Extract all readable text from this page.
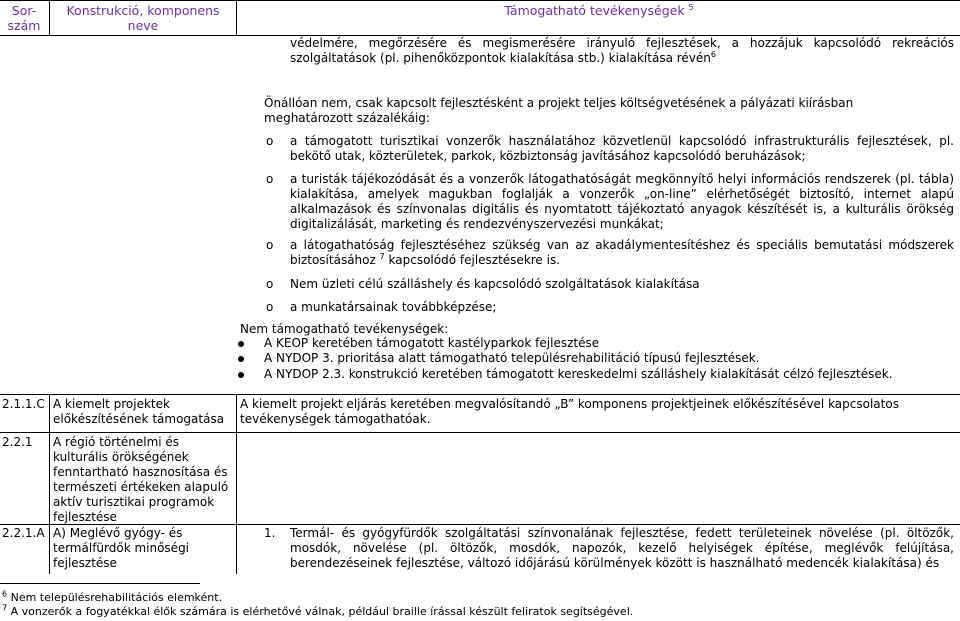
Sor-
szám
Konstrukció, komponens
neve
Támogatható tevékenységek $^5$
védelmére, megőrzésére és megismerésére irányuló fejlesztések, a hozzájuk kapcsolódó rekreációs
szolgáltatások (pl. pihenőközpontok kialakítása stb.) kialakítása révén$^6$
Önállóan nem, csak kapcsolt fejlesztésként a projekt teljes költségvetésének a pályázati kiírásban meghatározott százalékáig:
o a támogatott turisztikai vonzerők használatához közvetlenül kapcsolódó infrastrukturális fejlesztések, pl. bekötő utak, közterületek, parkok, közbiztonság javításához kapcsolódó beruházások;
o a turisták tájékozódását és a vonzerők látogathatóságát megkönnyítő helyi információs rendszerek (pl. tábla) kialakítása, amelyek magukban foglalják a vonzerők „on-line” elérhetőségét biztosító, internet alapú alkalmazások és színvonalas digitális és nyomtatott tájékoztató anyagok készítését is, a kulturális örökség digitalizálását, marketing és rendezvényszervezési munkákat;
o a látogathatóság fejlesztéséhez szükség van az akadálymentesítéshez és speciális bemutatási módszerek biztosításához $^7$ kapcsolódó fejlesztésekre is.
o Nem üzleti célú szálláshely és kapcsolódó szolgáltatások kialakítása
o a munkatársainak továbbképzése;
Nem támogatható tevékenységek:
A KEOP keretében támogatott kastélyparkok fejlesztése
A NYDOP 3. prioritása alatt támogatható településrehabilitáció típusú fejlesztések.
A NYDOP 2.3. konstrukció keretében támogatott kereskedelmi szálláshely kialakítását célzó fejlesztések.
2.1.1.C A kiemelt projektek előkészítésének támogatása
A kiemelt projekt eljárás keretében megvalósítandó „B” komponens projektjeinek előkészítésével kapcsolatos tevékenységek támogathatóak.
2.2.1	A régió történelmi és kulturális örökségének fenntartható hasznosítása és természeti értékeken alapuló aktív turisztikai programok fejlesztése
2.2.1.A A) Meglévő gyógy- és termálfürdők minőségi fejlesztése
1. Termál- és gyógyfürdők szolgáltatási színvonalának fejlesztése, fedett területeinek növelése (pl. öltözők, mosdók, növelése (pl. öltözők, mosdók, napozók, kezelő helyiségek építése, meglévők felújítása, berendezéseinek fejlesztése, változó időjárású körülmények között is használható medencék kialakítása) és
$^6$ Nem településrehabilitációs elemként.
$^7$ A vonzerők a fogyatékkal élők számára is elérhetővé válnak, például braille írással készült feliratok segítségével.
